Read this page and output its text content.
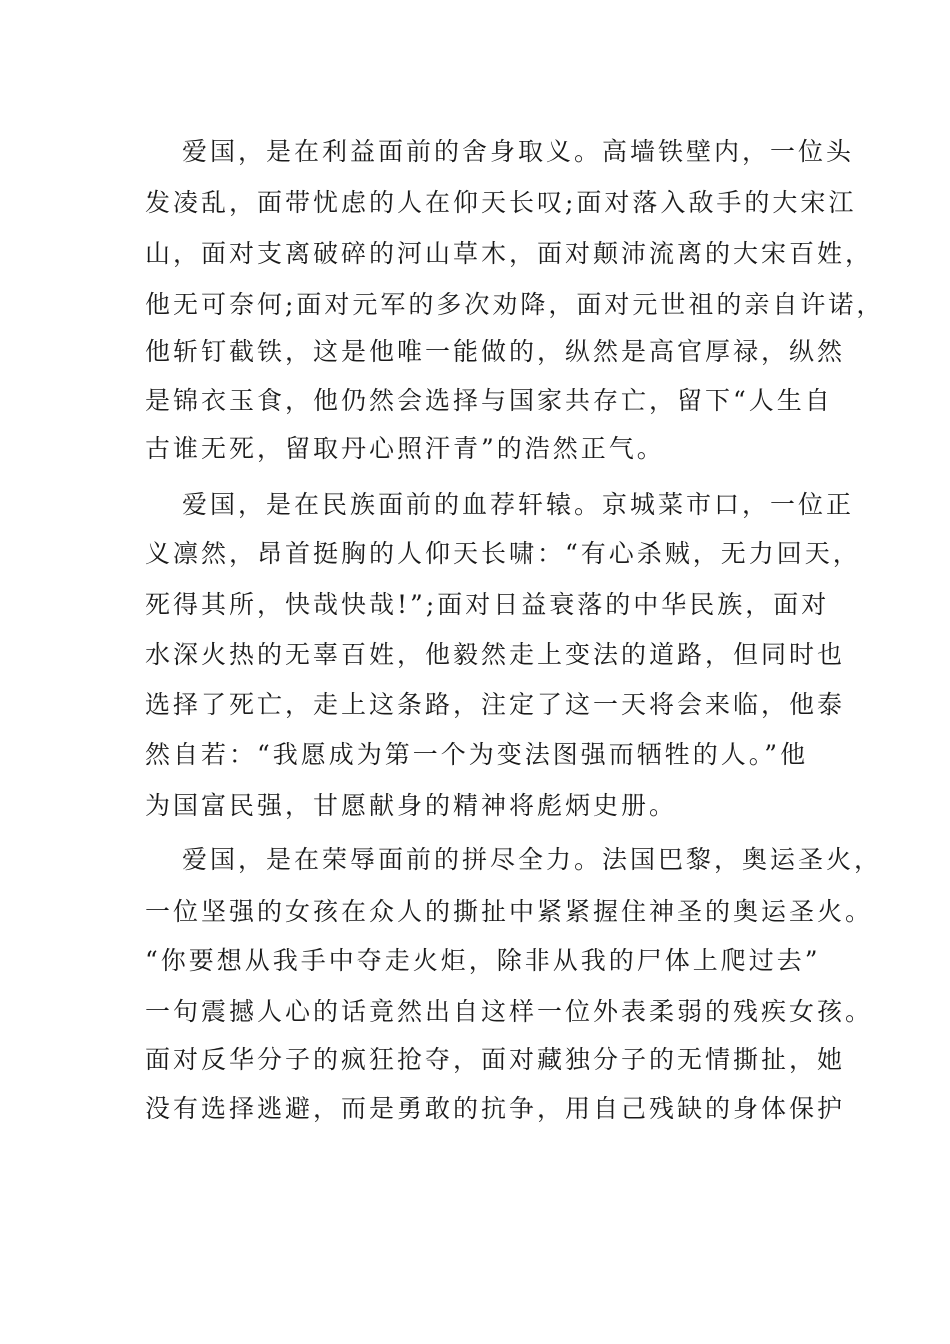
爱国，是在利益面前的舍身取义。高墙铁壁内，一位头

发凌乱，面带忧虑的人在仰天长叹;面对落入敌手的大宋江

山，面对支离破碎的河山草木，面对颠沛流离的大宋百姓，

他无可奈何;面对元军的多次劝降，面对元世祖的亲自许诺，

他斩钉截铁，这是他唯一能做的，纵然是高官厚禄，纵然

是锦衣玉食，他仍然会选择与国家共存亡，留下“人生自

古谁无死，留取丹心照汗青”的浩然正气。

爱国，是在民族面前的血荐轩辕。京城菜市口，一位正

义凛然，昂首挺胸的人仰天长啸：“有心杀贼，无力回天，

死得其所，快哉快哉!”;面对日益衰落的中华民族，面对

水深火热的无辜百姓，他毅然走上变法的道路，但同时也

选择了死亡，走上这条路，注定了这一天将会来临，他泰

然自若：“我愿成为第一个为变法图强而牺牲的人。”他

为国富民强，甘愿献身的精神将彪炳史册。

爱国，是在荣辱面前的拼尽全力。法国巴黎，奥运圣火，

一位坚强的女孩在众人的撕扯中紧紧握住神圣的奥运圣火。

“你要想从我手中夺走火炬，除非从我的尸体上爬过去”

一句震撼人心的话竟然出自这样一位外表柔弱的残疾女孩。

面对反华分子的疯狂抢夺，面对藏独分子的无情撕扯，她

没有选择逃避，而是勇敢的抗争，用自己残缺的身体保护
